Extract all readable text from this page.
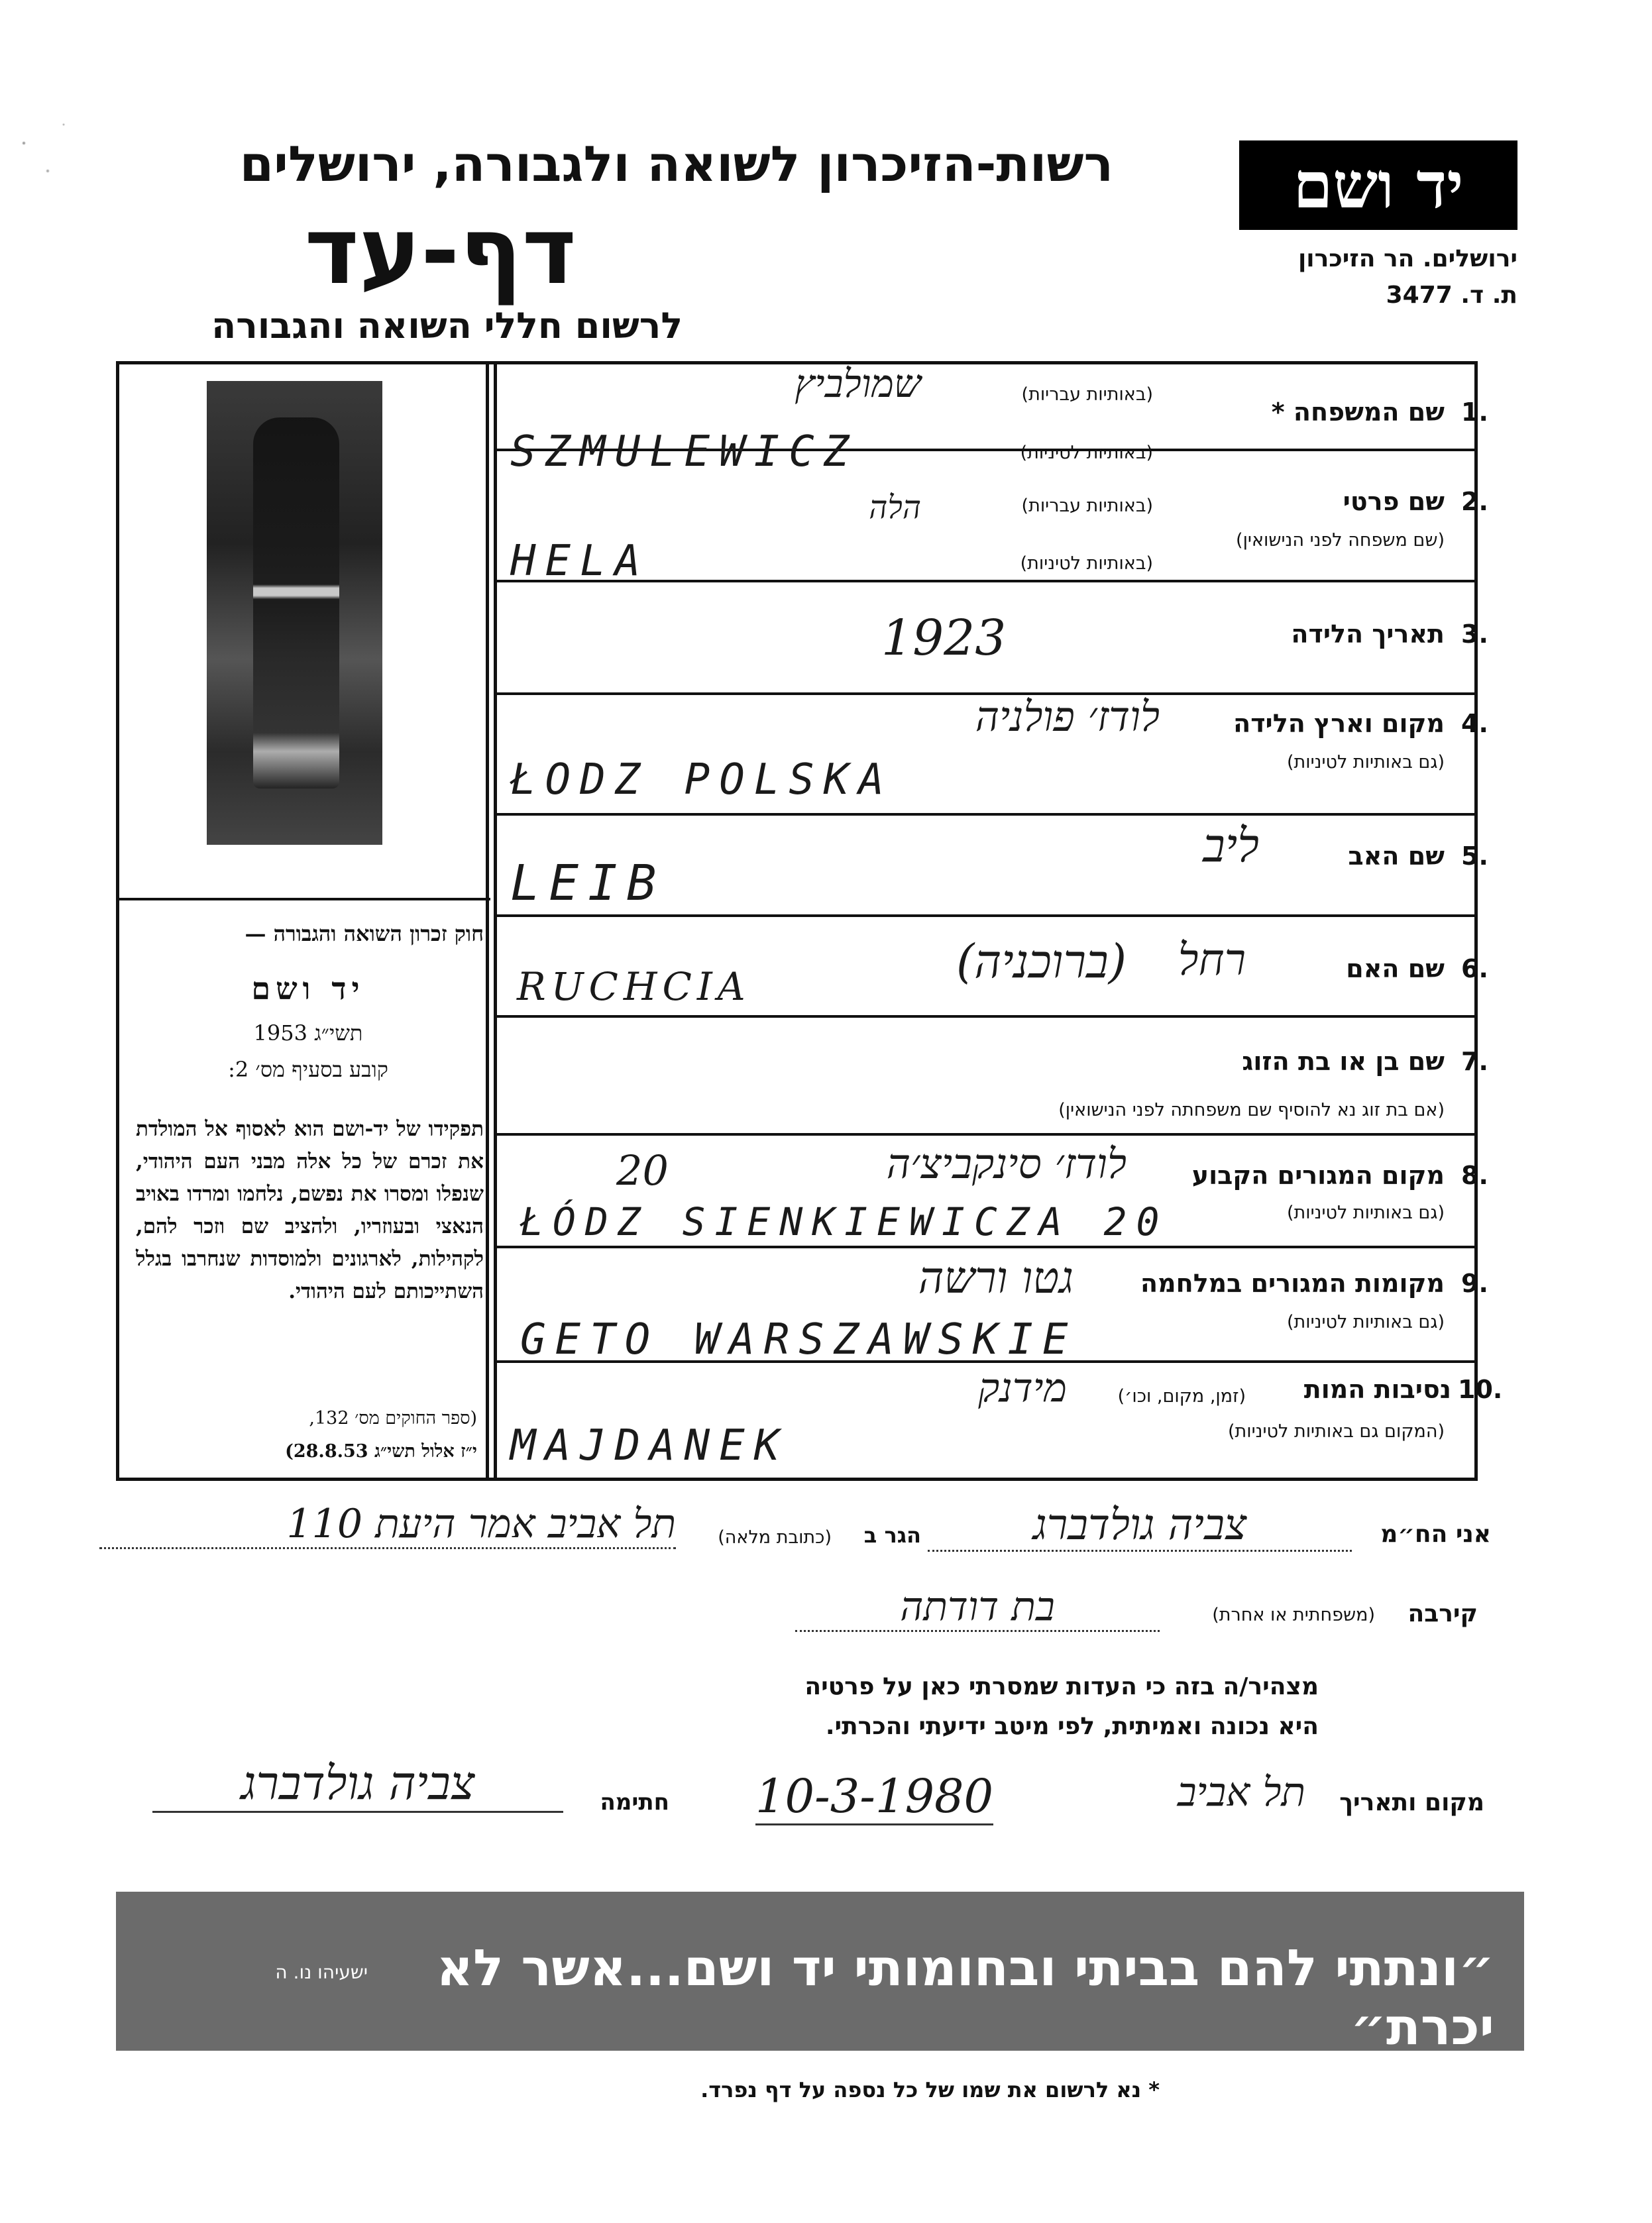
רשות-הזיכרון לשואה ולגבורה, ירושלים
דף-עד
לרשום חללי השואה והגבורה
יד ושם
ירושלים. הר הזיכרון
ת. ד. 3477
חוק זכרון השואה והגבורה —
יד ושם
תשי״ג 1953
קובע בסעיף מס׳ 2:
תפקידו של יד-ושם הוא לאסוף אל המולדת את זכרם של כל אלה מבני העם היהודי, שנפלו ומסרו את נפשם, נלחמו ומרדו באויב הנאצי ובעוזריו, ולהציב שם וזכר להם, לקהילות, לארגונים ולמוסדות שנחרבו בגלל השתייכותם לעם היהודי.
(ספר החוקים מס׳ 132,
י״ז אלול תשי״ג 28.8.53)
1.
שם המשפחה *
(באותיות עבריות)
שמולביץ
(באותיות לטיניות)
SZMULEWICZ
2.
שם פרטי
(שם משפחה לפני הנישואין)
(באותיות עבריות)
הלה
(באותיות לטיניות)
HELA
3.
תאריך הלידה
1923
4.
מקום וארץ הלידה
(גם באותיות לטיניות)
לודז׳ פולניה
ŁODZ POLSKA
5.
שם האב
ליב
LEIB
6.
שם האם
רחל
(ברוכניה)
RUCHCIA
7.
שם בן או בת הזוג
(אם בת זוג נא להוסיף שם משפחתה לפני הנישואין)
8.
מקום המגורים הקבוע
(גם באותיות לטיניות)
לודז׳ סינקביצ׳ה
20
ŁÓDZ SIENKIEWICZA 20
9.
מקומות המגורים במלחמה
(גם באותיות לטיניות)
גטו ורשה
GETO WARSZAWSKIE
10.
נסיבות המות
(זמן, מקום, וכו׳)
(המקום גם באותיות לטיניות)
מידנק
MAJDANEK
אני הח״מ
צביה גולדברג
הגר ב
(כתובת מלאה)
תל אביב אמר היעת 110
קירבה
(משפחתית או אחרת)
בת דודתה
מצהיר/ה בזה כי העדות שמסרתי כאן על פרטיה
היא נכונה ואמיתית, לפי מיטב ידיעתי והכרתי.
מקום ותאריך
תל אביב
10-3-1980
חתימה
צביה גולדברג
״ונתתי להם בביתי ובחומותי יד ושם...אשר לא יכרת״
ישעיהו נו. ה
* נא לרשום את שמו של כל נספה על דף נפרד.
